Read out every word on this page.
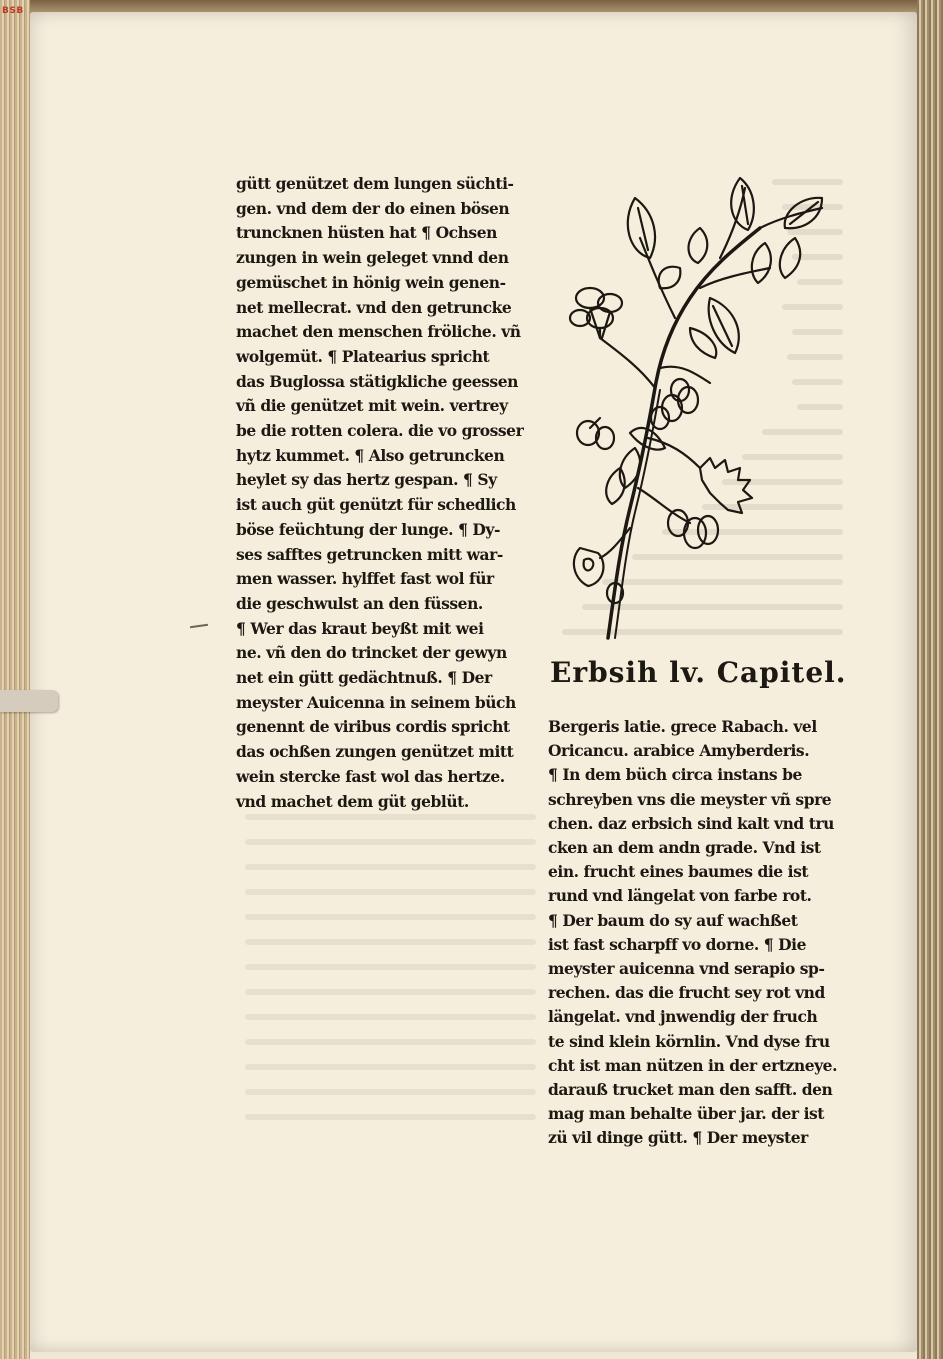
BSB
gütt genützet dem lungen süchti-
gen. vnd dem der do einen bösen
truncknen hüsten hat ¶ Ochsen
zungen in wein geleget vnnd den
gemüschet in hönig wein genen-
net mellecrat. vnd den getruncke
machet den menschen fröliche. vñ
wolgemüt. ¶ Platearius spricht
das Buglossa stätigkliche geessen
vñ die genützet mit wein. vertrey
be die rotten colera. die vo grosser
hytz kummet. ¶ Also getruncken
heylet sy das hertz gespan. ¶ Sy
ist auch güt genützt für schedlich
böse feüchtung der lunge. ¶ Dy-
ses safftes getruncken mitt war-
men wasser. hylffet fast wol für
die geschwulst an den füssen.
¶ Wer das kraut beyßt mit wei
ne. vñ den do trincket der gewyn
net ein gütt gedächtnuß. ¶ Der
meyster Auicenna in seinem büch
genennt de viribus cordis spricht
das ochßen zungen genützet mitt
wein stercke fast wol das hertze.
vnd machet dem güt geblüt.
Erbsih lv. Capitel.
Bergeris latie. grece Rabach. vel
Oricancu. arabice Amyberderis.
¶ In dem büch circa instans be
schreyben vns die meyster vñ spre
chen. daz erbsich sind kalt vnd tru
cken an dem andn grade. Vnd ist
ein. frucht eines baumes die ist
rund vnd längelat von farbe rot.
¶ Der baum do sy auf wachßet
ist fast scharpff vo dorne. ¶ Die
meyster auicenna vnd serapio sp-
rechen. das die frucht sey rot vnd
längelat. vnd jnwendig der fruch
te sind klein körnlin. Vnd dyse fru
cht ist man nützen in der ertzneye.
darauß trucket man den safft. den
mag man behalte über jar. der ist
zü vil dinge gütt. ¶ Der meyster
